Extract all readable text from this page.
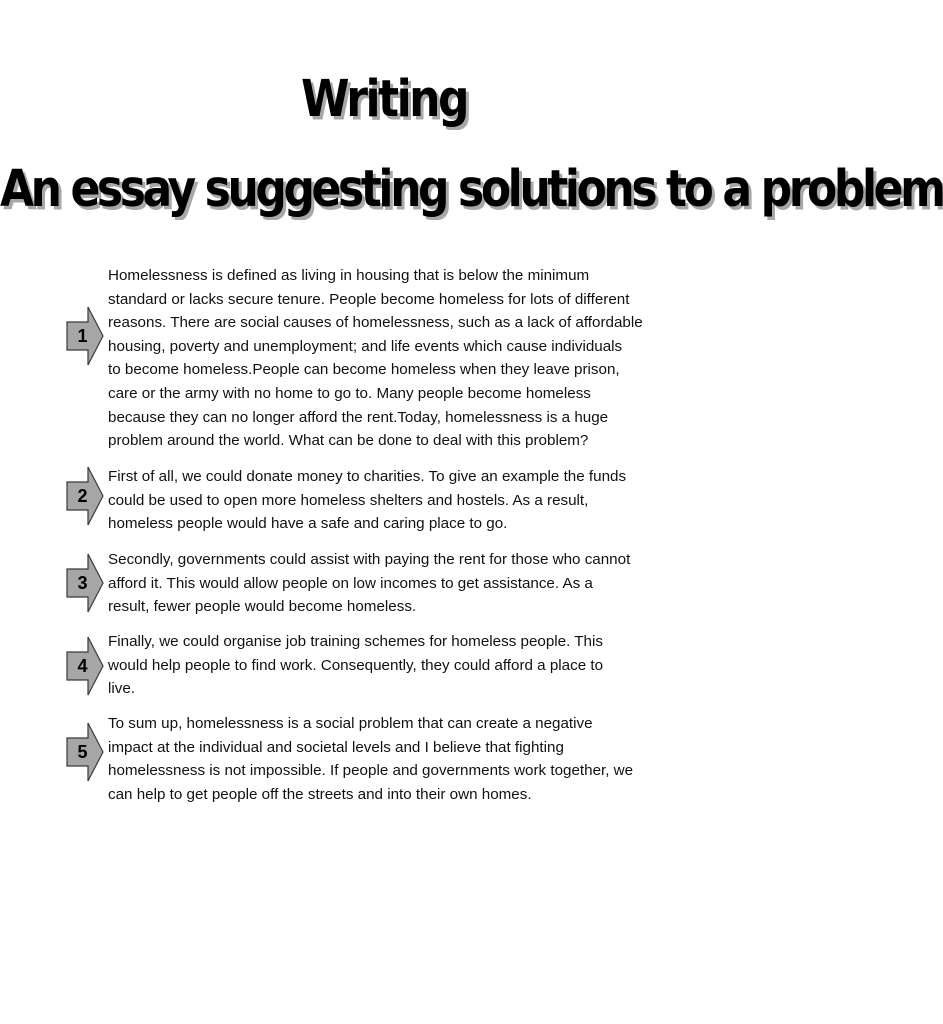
Writing
An essay suggesting solutions to a problem
1

Homelessness is defined as living in housing that is below the minimum
standard or lacks secure tenure. People become homeless for lots of different
reasons. There are social causes of homelessness, such as a lack of affordable
housing, poverty and unemployment; and life events which cause individuals
to become homeless.People can become homeless when they leave prison,
care or the army with no home to go to. Many people become homeless
because they can no longer afford the rent.Today, homelessness is a huge
problem around the world. What can be done to deal with this problem?

2

First of all, we could donate money to charities. To give an example the funds
could be used to open more homeless shelters and hostels. As a result,
homeless people would have a safe and caring place to go.

3

Secondly, governments could assist with paying the rent for those who cannot
afford it. This would allow people on low incomes to get assistance. As a
result, fewer people would become homeless.

4

Finally, we could organise job training schemes for homeless people. This
would help people to find work. Consequently, they could afford a place to
live.

5

To sum up, homelessness is a social problem that can create a negative
impact at the individual and societal levels and I believe that fighting
homelessness is not impossible. If people and governments work together, we
can help to get people off the streets and into their own homes.
